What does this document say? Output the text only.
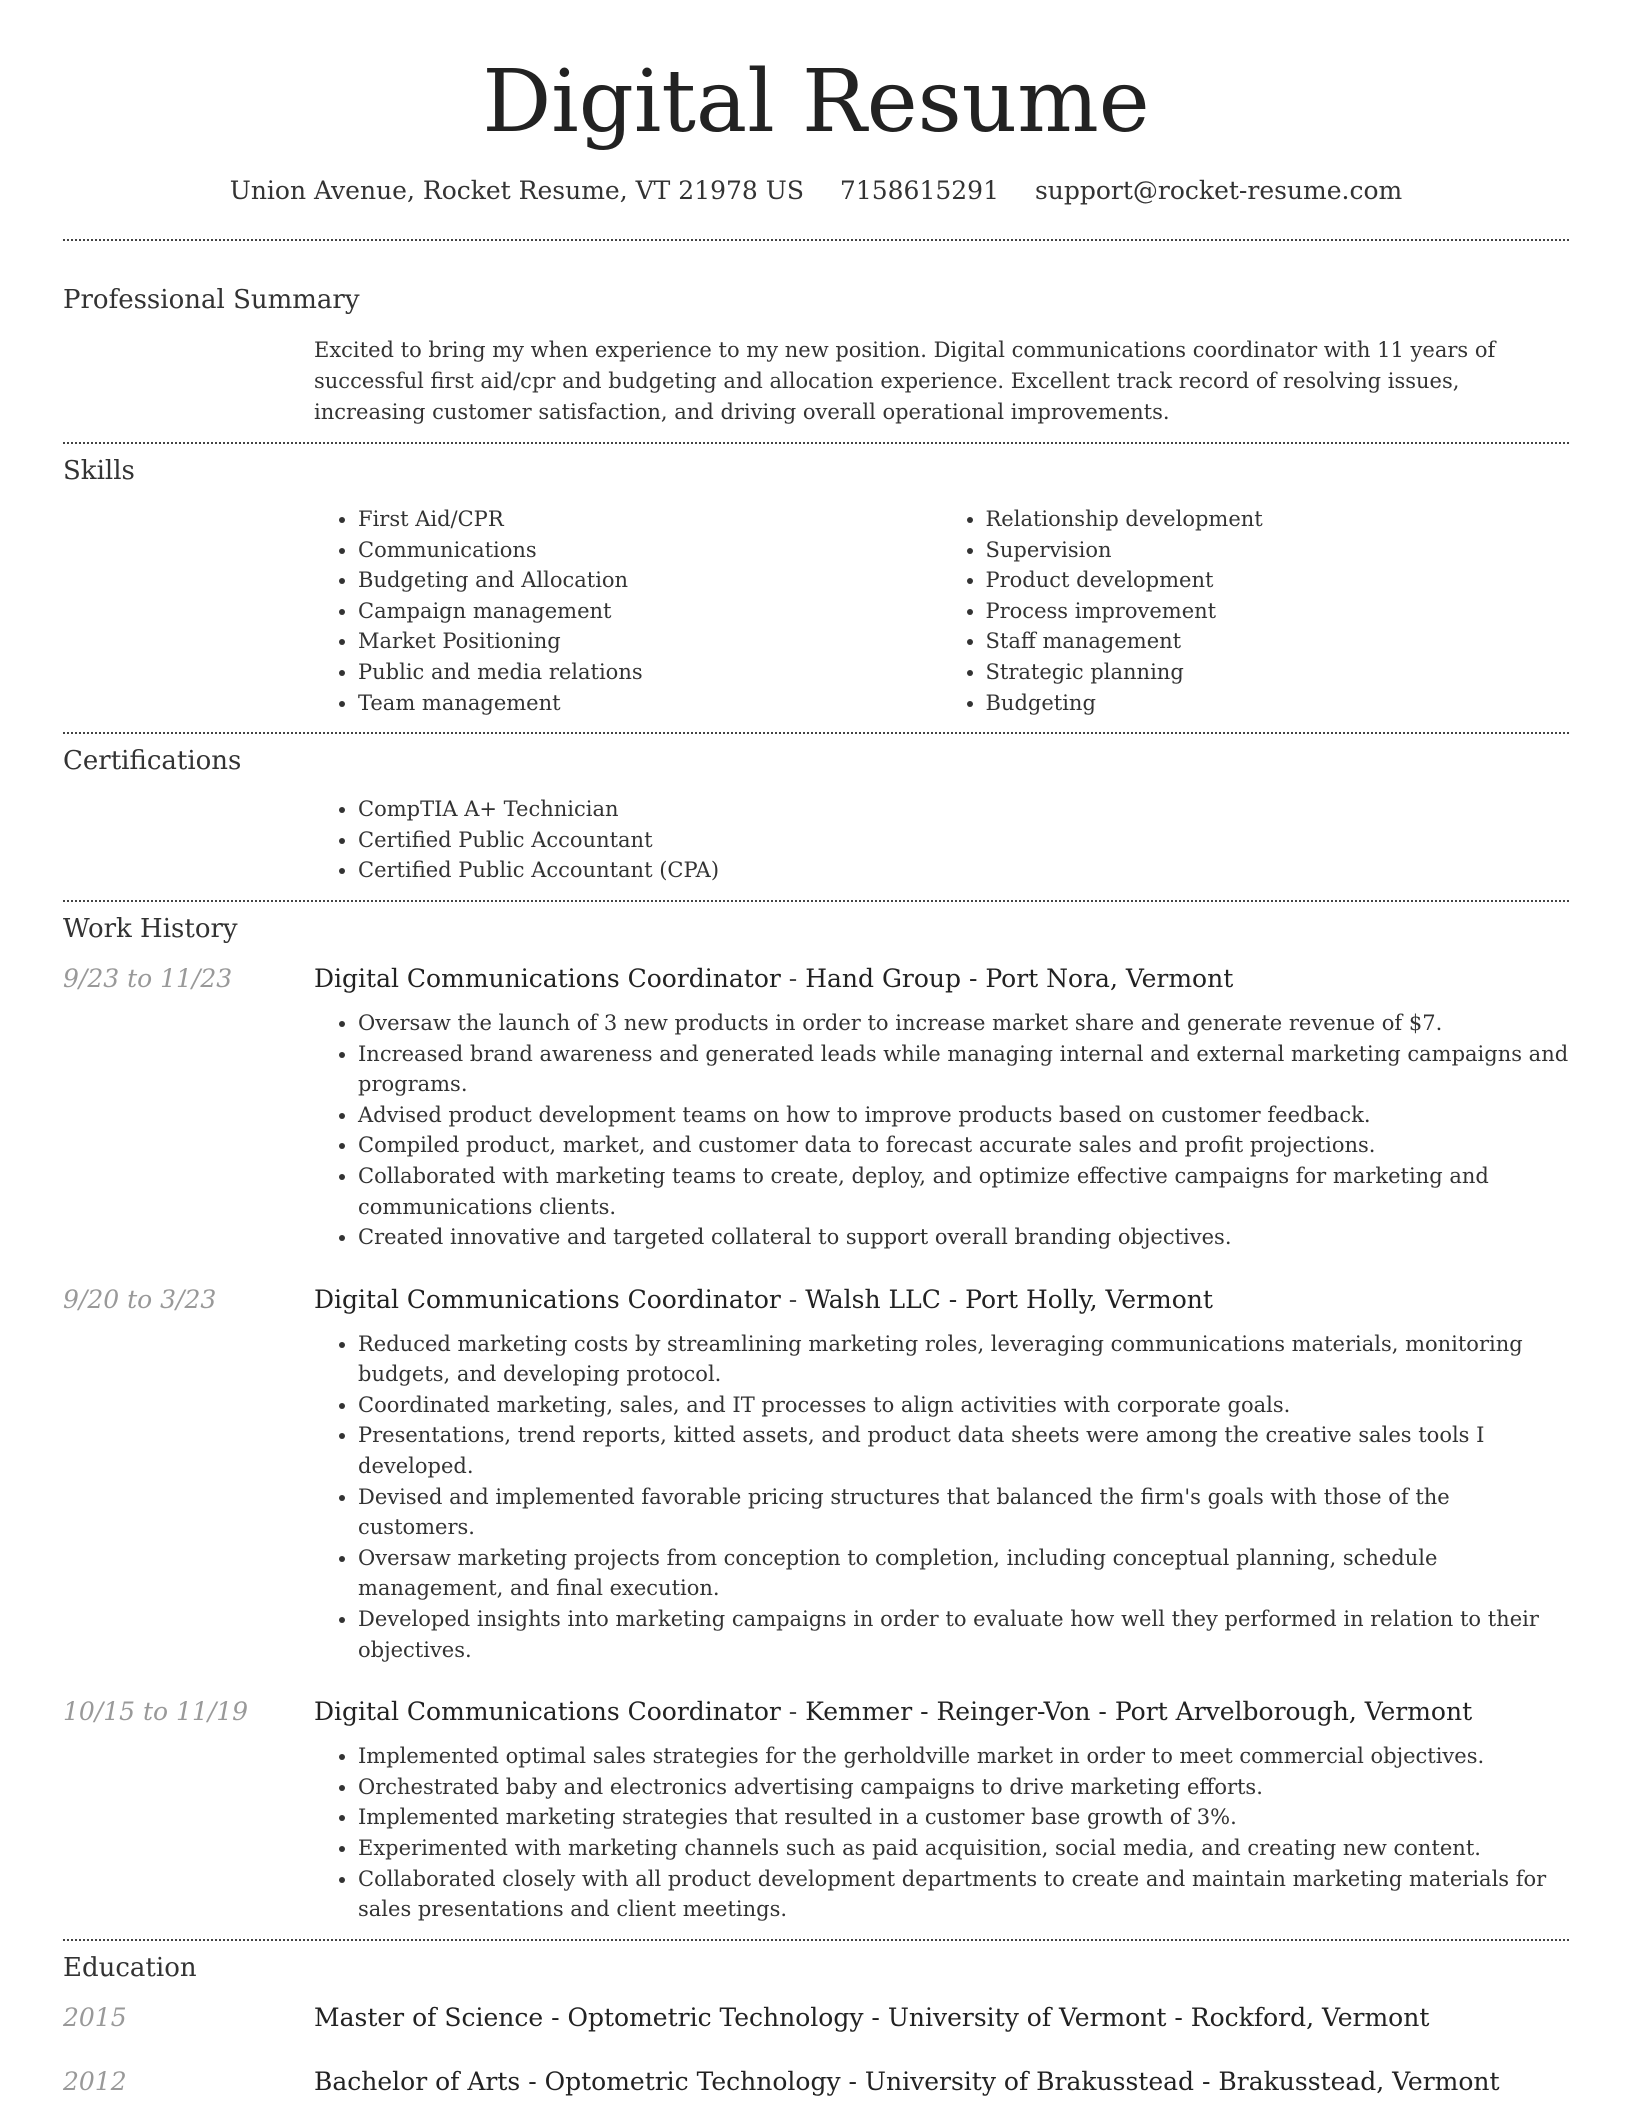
Digital Resume
Union Avenue, Rocket Resume, VT 21978 US 7158615291 support@rocket-resume.com
Professional Summary
Excited to bring my when experience to my new position. Digital communications coordinator with 11 years of successful first aid/cpr and budgeting and allocation experience. Excellent track record of resolving issues, increasing customer satisfaction, and driving overall operational improvements.
Skills
• First Aid/CPR
• Communications
• Budgeting and Allocation
• Campaign management
• Market Positioning
• Public and media relations
• Team management
• Relationship development
• Supervision
• Product development
• Process improvement
• Staff management
• Strategic planning
• Budgeting
Certifications
• CompTIA A+ Technician
• Certified Public Accountant
• Certified Public Accountant (CPA)
Work History
9/23 to 11/23	Digital Communications Coordinator - Hand Group - Port Nora, Vermont
• Oversaw the launch of 3 new products in order to increase market share and generate revenue of $7.
• Increased brand awareness and generated leads while managing internal and external marketing campaigns and programs.
• Advised product development teams on how to improve products based on customer feedback.
• Compiled product, market, and customer data to forecast accurate sales and profit projections.
• Collaborated with marketing teams to create, deploy, and optimize effective campaigns for marketing and communications clients.
• Created innovative and targeted collateral to support overall branding objectives.
9/20 to 3/23	Digital Communications Coordinator - Walsh LLC - Port Holly, Vermont
• Reduced marketing costs by streamlining marketing roles, leveraging communications materials, monitoring budgets, and developing protocol.
• Coordinated marketing, sales, and IT processes to align activities with corporate goals.
• Presentations, trend reports, kitted assets, and product data sheets were among the creative sales tools I developed.
• Devised and implemented favorable pricing structures that balanced the firm's goals with those of the customers.
• Oversaw marketing projects from conception to completion, including conceptual planning, schedule management, and final execution.
• Developed insights into marketing campaigns in order to evaluate how well they performed in relation to their objectives.
10/15 to 11/19	Digital Communications Coordinator - Kemmer - Reinger-Von - Port Arvelborough, Vermont
• Implemented optimal sales strategies for the gerholdville market in order to meet commercial objectives.
• Orchestrated baby and electronics advertising campaigns to drive marketing efforts.
• Implemented marketing strategies that resulted in a customer base growth of 3%.
• Experimented with marketing channels such as paid acquisition, social media, and creating new content.
• Collaborated closely with all product development departments to create and maintain marketing materials for sales presentations and client meetings.
Education
2015	Master of Science - Optometric Technology - University of Vermont - Rockford, Vermont
2012	Bachelor of Arts - Optometric Technology - University of Brakusstead - Brakusstead, Vermont
